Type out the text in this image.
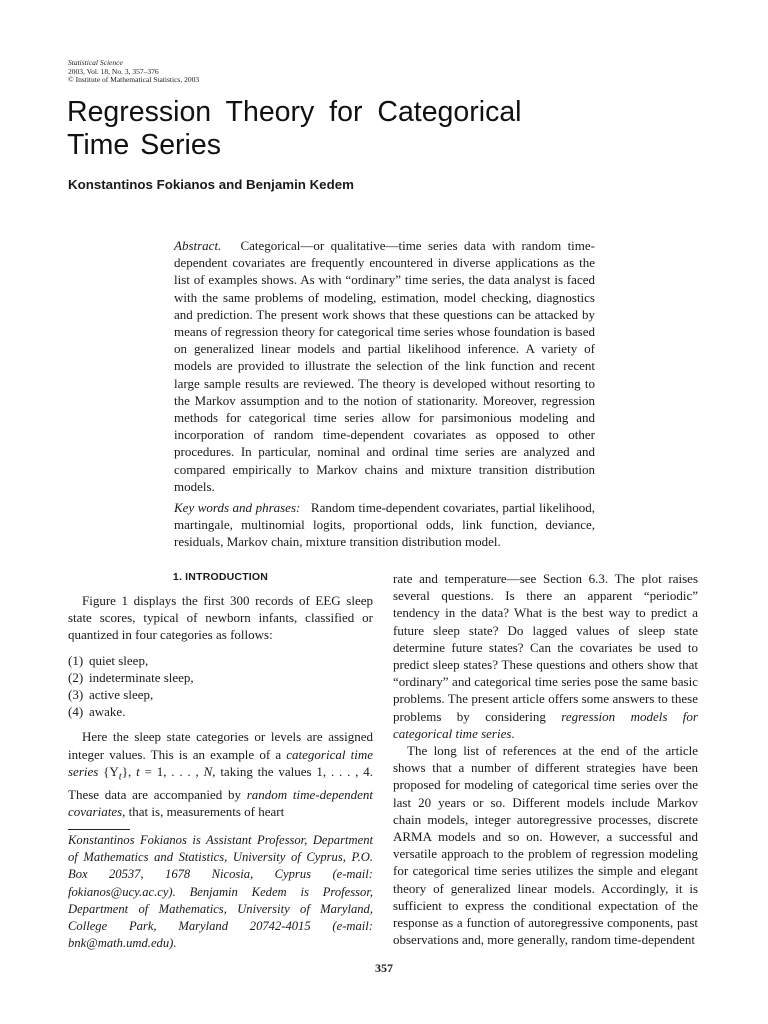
Statistical Science
2003, Vol. 18, No. 3, 357–376
© Institute of Mathematical Statistics, 2003
Regression Theory for Categorical
Time Series
Konstantinos Fokianos and Benjamin Kedem

Abstract. Categorical—or qualitative—time series data with random time-dependent covariates are frequently encountered in diverse applications as the list of examples shows. As with “ordinary” time series, the data analyst is faced with the same problems of modeling, estimation, model checking, diagnostics and prediction. The present work shows that these questions can be attacked by means of regression theory for categorical time series whose foundation is based on generalized linear models and partial likelihood inference. A variety of models are provided to illustrate the selection of the link function and recent large sample results are reviewed. The theory is developed without resorting to the Markov assumption and to the notion of stationarity. Moreover, regression methods for categorical time series allow for parsimonious modeling and incorporation of random time-dependent covariates as opposed to other procedures. In particular, nominal and ordinal time series are analyzed and compared empirically to Markov chains and mixture transition distribution models.

Key words and phrases: Random time-dependent covariates, partial likelihood, martingale, multinomial logits, proportional odds, link function, deviance, residuals, Markov chain, mixture transition distribution model.

1. INTRODUCTION

Figure 1 displays the first 300 records of EEG sleep state scores, typical of newborn infants, classified or quantized in four categories as follows:

(1) quiet sleep,
(2) indeterminate sleep,
(3) active sleep,
(4) awake.

Here the sleep state categories or levels are assigned integer values. This is an example of a categorical time series $\{Y_t\}$, t = 1, . . . , N, taking the values 1, . . . , 4. These data are accompanied by random time-dependent covariates, that is, measurements of heart

Konstantinos Fokianos is Assistant Professor, Department of Mathematics and Statistics, University of Cyprus, P.O. Box 20537, 1678 Nicosia, Cyprus (e-mail: fokianos@ucy.ac.cy). Benjamin Kedem is Professor, Department of Mathematics, University of Maryland, College Park, Maryland 20742-4015 (e-mail: bnk@math.umd.edu).

rate and temperature—see Section 6.3. The plot raises several questions. Is there an apparent “periodic” tendency in the data? What is the best way to predict a future sleep state? Do lagged values of sleep state determine future states? Can the covariates be used to predict sleep states? These questions and others show that “ordinary” and categorical time series pose the same basic problems. The present article offers some answers to these problems by considering regression models for categorical time series.

The long list of references at the end of the article shows that a number of different strategies have been proposed for modeling of categorical time series over the last 20 years or so. Different models include Markov chain models, integer autoregressive processes, discrete ARMA models and so on. However, a successful and versatile approach to the problem of regression modeling for categorical time series utilizes the simple and elegant theory of generalized linear models. Accordingly, it is sufficient to express the conditional expectation of the response as a function of autoregressive components, past observations and, more generally, random time-dependent

357
